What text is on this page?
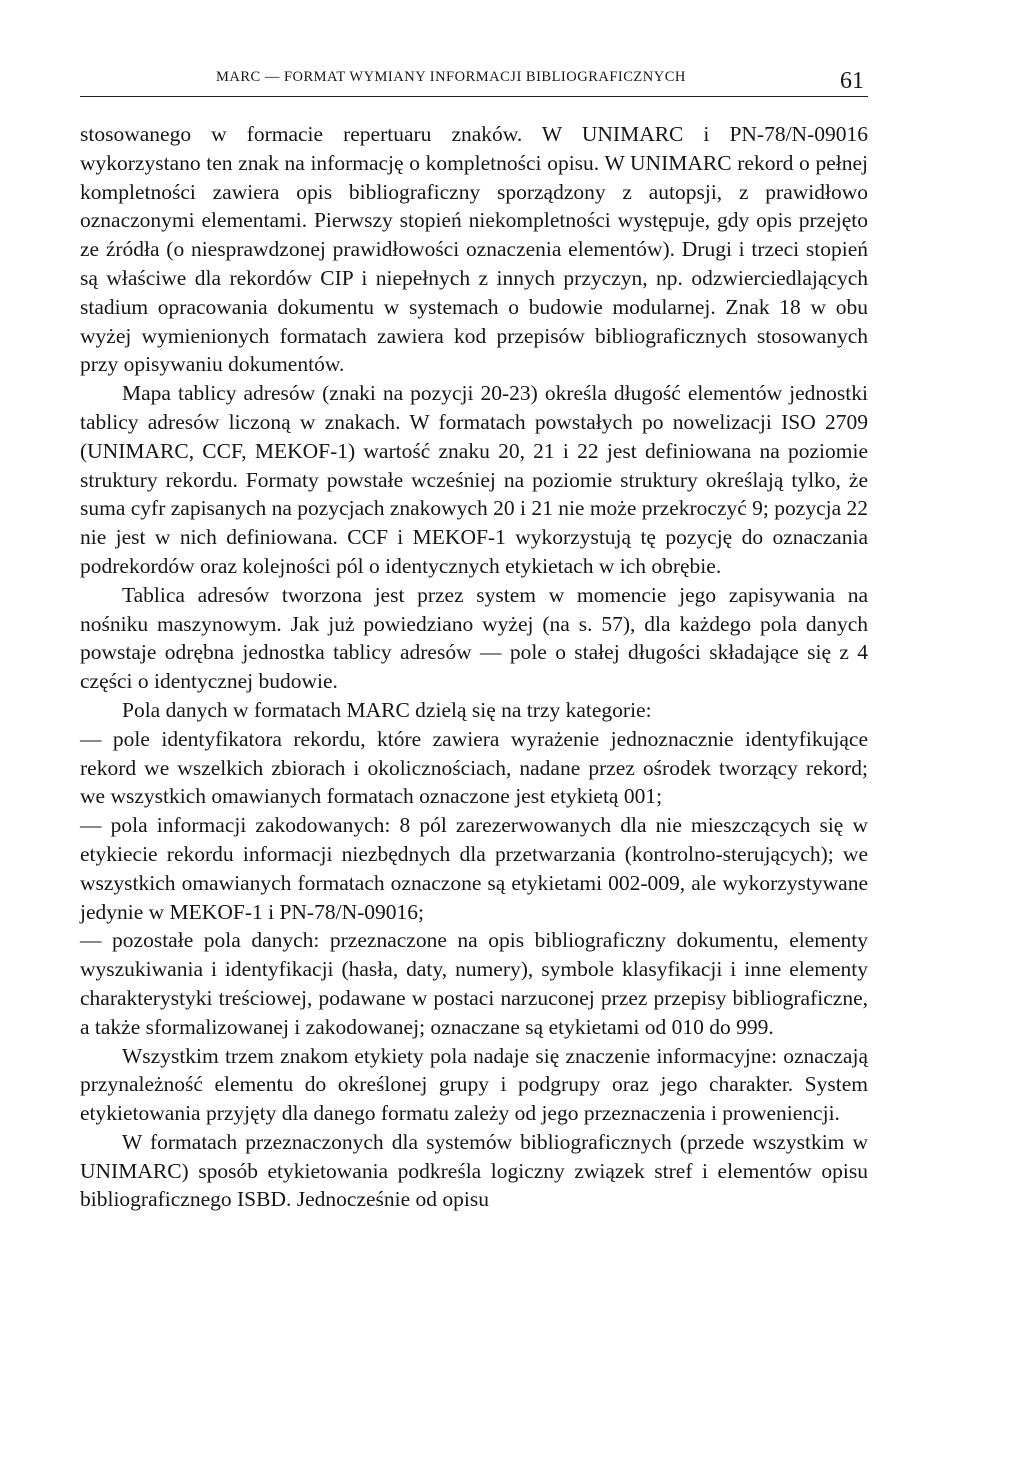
MARC — FORMAT WYMIANY INFORMACJI BIBLIOGRAFICZNYCH	61

stosowanego w formacie repertuaru znaków. W UNIMARC i PN-78/N-09016 wykorzystano ten znak na informację o kompletności opisu. W UNIMARC rekord o pełnej kompletności zawiera opis bibliograficzny sporządzony z autopsji, z prawidłowo oznaczonymi elementami. Pierwszy stopień niekompletności występuje, gdy opis przejęto ze źródła (o niesprawdzonej prawidłowości oznaczenia elementów). Drugi i trzeci stopień są właściwe dla rekordów CIP i niepełnych z innych przyczyn, np. odzwierciedlających stadium opracowania dokumentu w systemach o budowie modularnej. Znak 18 w obu wyżej wymienionych formatach zawiera kod przepisów bibliograficznych stosowanych przy opisywaniu dokumentów.

Mapa tablicy adresów (znaki na pozycji 20-23) określa długość elementów jednostki tablicy adresów liczoną w znakach. W formatach powstałych po nowelizacji ISO 2709 (UNIMARC, CCF, MEKOF-1) wartość znaku 20, 21 i 22 jest definiowana na poziomie struktury rekordu. Formaty powstałe wcześniej na poziomie struktury określają tylko, że suma cyfr zapisanych na pozycjach znakowych 20 i 21 nie może przekroczyć 9; pozycja 22 nie jest w nich definiowana. CCF i MEKOF-1 wykorzystują tę pozycję do oznaczania podrekordów oraz kolejności pól o identycznych etykietach w ich obrębie.

Tablica adresów tworzona jest przez system w momencie jego zapisywania na nośniku maszynowym. Jak już powiedziano wyżej (na s. 57), dla każdego pola danych powstaje odrębna jednostka tablicy adresów — pole o stałej długości składające się z 4 części o identycznej budowie.

Pola danych w formatach MARC dzielą się na trzy kategorie:

— pole identyfikatora rekordu, które zawiera wyrażenie jednoznacznie identyfikujące rekord we wszelkich zbiorach i okolicznościach, nadane przez ośrodek tworzący rekord; we wszystkich omawianych formatach oznaczone jest etykietą 001;

— pola informacji zakodowanych: 8 pól zarezerwowanych dla nie mieszczących się w etykiecie rekordu informacji niezbędnych dla przetwarzania (kontrolno-sterujących); we wszystkich omawianych formatach oznaczone są etykietami 002-009, ale wykorzystywane jedynie w MEKOF-1 i PN-78/N-09016;

— pozostałe pola danych: przeznaczone na opis bibliograficzny dokumentu, elementy wyszukiwania i identyfikacji (hasła, daty, numery), symbole klasyfikacji i inne elementy charakterystyki treściowej, podawane w postaci narzuconej przez przepisy bibliograficzne, a także sformalizowanej i zakodowanej; oznaczane są etykietami od 010 do 999.

Wszystkim trzem znakom etykiety pola nadaje się znaczenie informacyjne: oznaczają przynależność elementu do określonej grupy i podgrupy oraz jego charakter. System etykietowania przyjęty dla danego formatu zależy od jego przeznaczenia i proweniencji.

W formatach przeznaczonych dla systemów bibliograficznych (przede wszystkim w UNIMARC) sposób etykietowania podkreśla logiczny związek stref i elementów opisu bibliograficznego ISBD. Jednocześnie od opisu
